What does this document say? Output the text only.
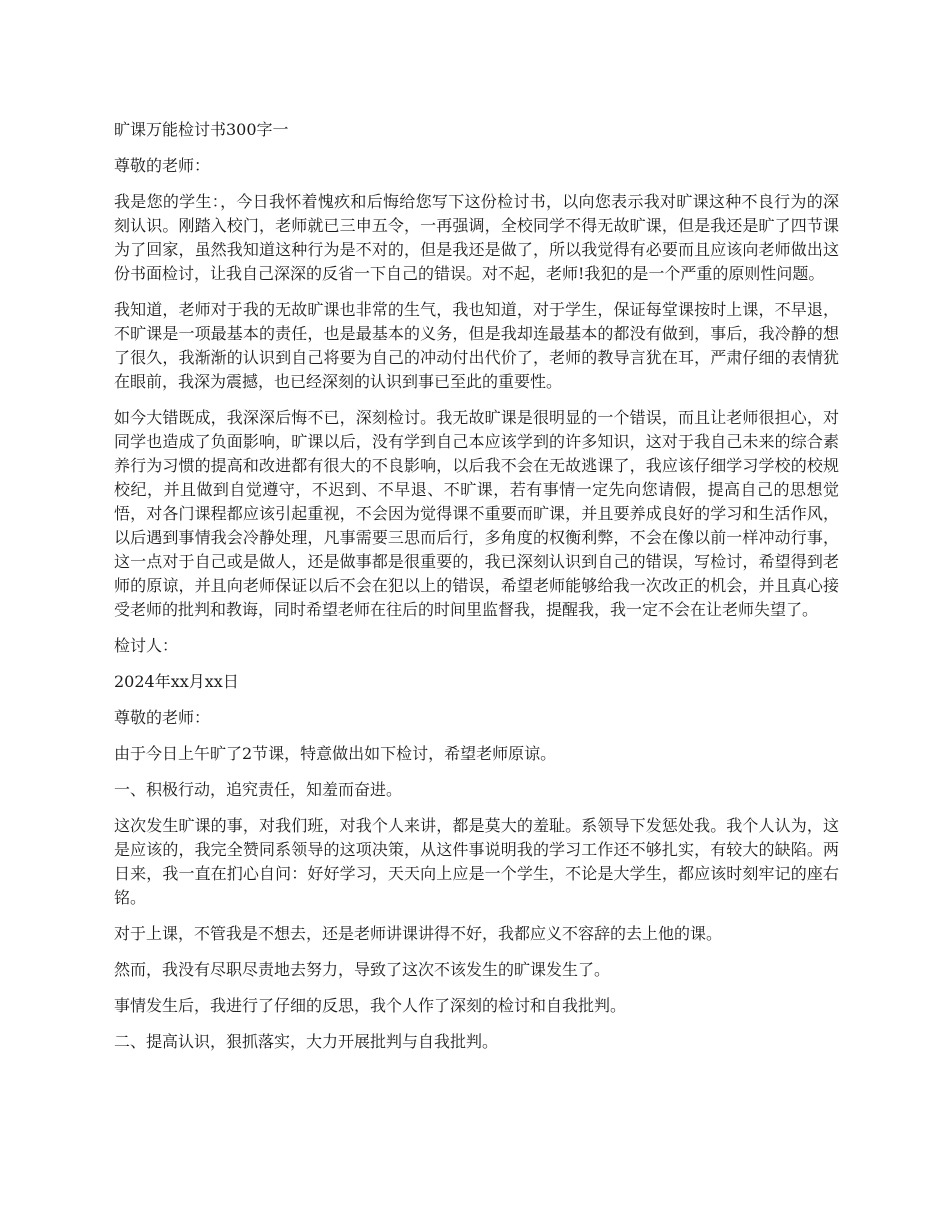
旷课万能检讨书300字一

尊敬的老师：

我是您的学生：，今日我怀着愧疚和后悔给您写下这份检讨书，以向您表示我对旷课这种不良行为的深刻认识。刚踏入校门，老师就已三申五令，一再强调，全校同学不得无故旷课，但是我还是旷了四节课为了回家，虽然我知道这种行为是不对的，但是我还是做了，所以我觉得有必要而且应该向老师做出这份书面检讨，让我自己深深的反省一下自己的错误。对不起，老师!我犯的是一个严重的原则性问题。

我知道，老师对于我的无故旷课也非常的生气，我也知道，对于学生，保证每堂课按时上课，不早退，不旷课是一项最基本的责任，也是最基本的义务，但是我却连最基本的都没有做到，事后，我冷静的想了很久，我渐渐的认识到自己将要为自己的冲动付出代价了，老师的教导言犹在耳，严肃仔细的表情犹在眼前，我深为震撼，也已经深刻的认识到事已至此的重要性。

如今大错既成，我深深后悔不已，深刻检讨。我无故旷课是很明显的一个错误，而且让老师很担心，对同学也造成了负面影响，旷课以后，没有学到自己本应该学到的许多知识，这对于我自己未来的综合素养行为习惯的提高和改进都有很大的不良影响，以后我不会在无故逃课了，我应该仔细学习学校的校规校纪，并且做到自觉遵守，不迟到、不早退、不旷课，若有事情一定先向您请假，提高自己的思想觉悟，对各门课程都应该引起重视，不会因为觉得课不重要而旷课，并且要养成良好的学习和生活作风，以后遇到事情我会冷静处理，凡事需要三思而后行，多角度的权衡利弊，不会在像以前一样冲动行事，这一点对于自己或是做人，还是做事都是很重要的，我已深刻认识到自己的错误，写检讨，希望得到老师的原谅，并且向老师保证以后不会在犯以上的错误，希望老师能够给我一次改正的机会，并且真心接受老师的批判和教诲，同时希望老师在往后的时间里监督我，提醒我，我一定不会在让老师失望了。

检讨人：

2024年xx月xx日

尊敬的老师：

由于今日上午旷了2节课，特意做出如下检讨，希望老师原谅。

一、积极行动，追究责任，知羞而奋进。

这次发生旷课的事，对我们班，对我个人来讲，都是莫大的羞耻。系领导下发惩处我。我个人认为，这是应该的，我完全赞同系领导的这项决策，从这件事说明我的学习工作还不够扎实，有较大的缺陷。两日来，我一直在扪心自问：好好学习，天天向上应是一个学生，不论是大学生，都应该时刻牢记的座右铭。

对于上课，不管我是不想去，还是老师讲课讲得不好，我都应义不容辞的去上他的课。

然而，我没有尽职尽责地去努力，导致了这次不该发生的旷课发生了。

事情发生后，我进行了仔细的反思，我个人作了深刻的检讨和自我批判。

二、提高认识，狠抓落实，大力开展批判与自我批判。
